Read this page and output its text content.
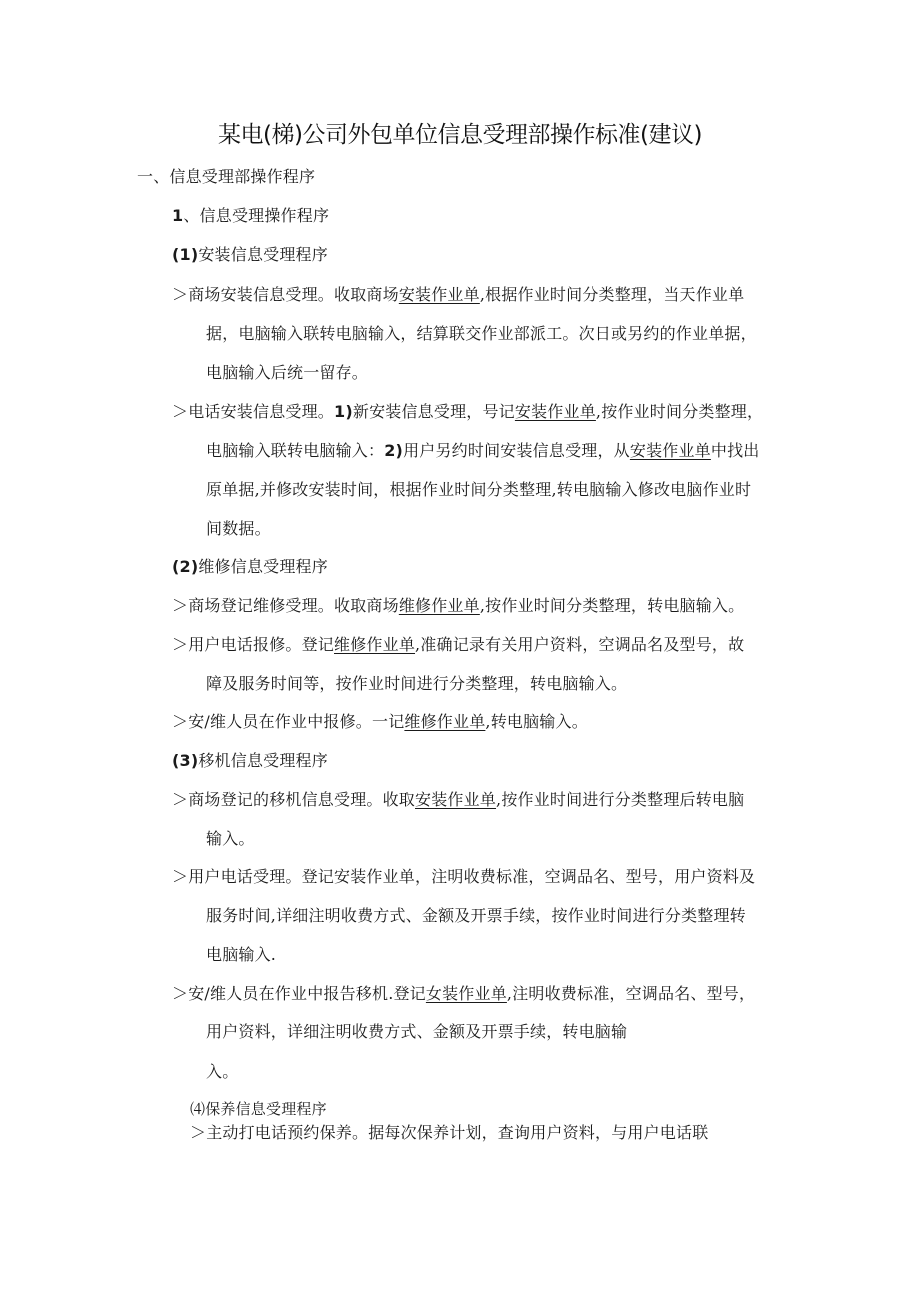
某电(梯)公司外包单位信息受理部操作标准(建议)
一、信息受理部操作程序
1、信息受理操作程序
(1)安装信息受理程序
＞商场安装信息受理。收取商场安装作业单,根据作业时间分类整理，当天作业单
据，电脑输入联转电脑输入，结算联交作业部派工。次日或另约的作业单据，
电脑输入后统一留存。
＞电话安装信息受理。1)新安装信息受理，号记安装作业单,按作业时间分类整理，
电脑输入联转电脑输入：2)用户另约时间安装信息受理，从安装作业单中找出
原单据,并修改安装时间，根据作业时间分类整理,转电脑输入修改电脑作业时
间数据。
(2)维修信息受理程序
＞商场登记维修受理。收取商场维修作业单,按作业时间分类整理，转电脑输入。
＞用户电话报修。登记维修作业单,准确记录有关用户资料，空调品名及型号，故
障及服务时间等，按作业时间进行分类整理，转电脑输入。
＞安/维人员在作业中报修。一记维修作业单,转电脑输入。
(3)移机信息受理程序
＞商场登记的移机信息受理。收取安装作业单,按作业时间进行分类整理后转电脑
输入。
＞用户电话受理。登记安装作业单，注明收费标准，空调品名、型号，用户资料及
服务时间,详细注明收费方式、金额及开票手续，按作业时间进行分类整理转
电脑输入.
＞安/维人员在作业中报告移机.登记女装作业单,注明收费标准，空调品名、型号，
用户资料，详细注明收费方式、金额及开票手续，转电脑输
入。
⑷保养信息受理程序
＞主动打电话预约保养。据每次保养计划，查询用户资料，与用户电话联
